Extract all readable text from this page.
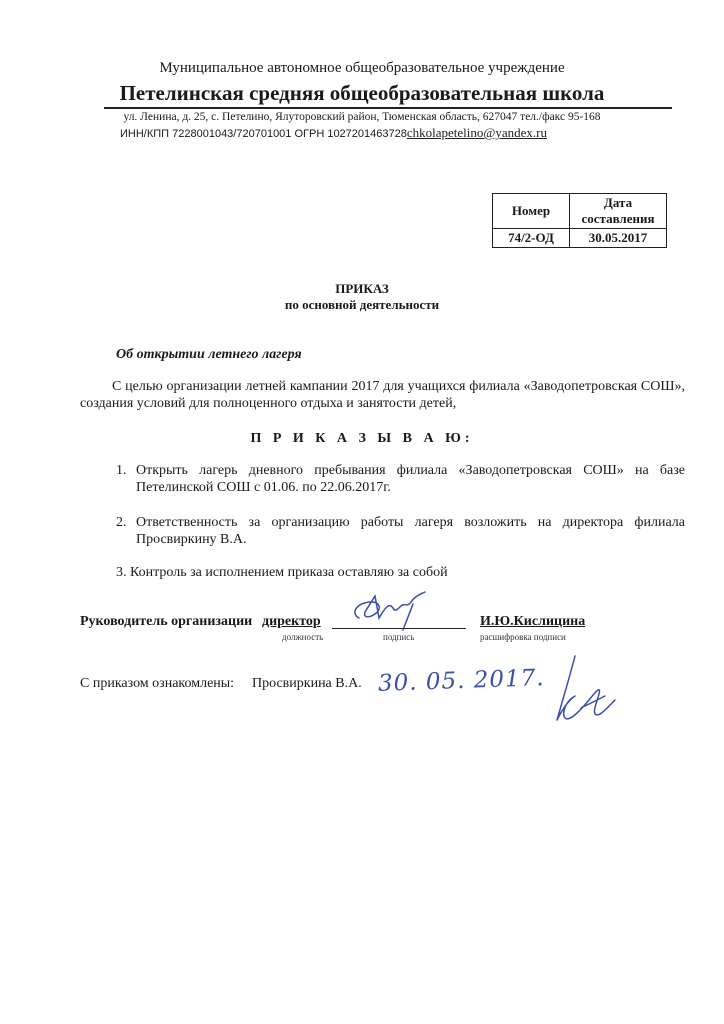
Муниципальное автономное общеобразовательное учреждение
Петелинская средняя общеобразовательная школа
ул. Ленина, д. 25, с. Петелино, Ялуторовский район, Тюменская область, 627047 тел./факс 95-168
ИНН/КПП 7228001043/720701001 ОГРН 1027201463728chkolapetelino@yandex.ru
Номер	Дата
составления
74/2-ОД	30.05.2017
ПРИКАЗ
по основной деятельности
Об открытии летнего лагеря
С целью организации летней кампании 2017 для учащихся филиала «Заводопетровская СОШ», создания условий для полноценного отдыха и занятости детей,
П Р И К А З Ы В А Ю:
1. Открыть лагерь дневного пребывания филиала «Заводопетровская СОШ» на базе Петелинской СОШ с 01.06. по 22.06.2017г.
2. Ответственность за организацию работы лагеря возложить на директора филиала Просвиркину В.А.
3. Контроль за исполнением приказа оставляю за собой
Руководитель организации директор	И.Ю.Кислицина
должность	подпись	расшифровка подписи
С приказом ознакомлены: Просвиркина В.А. 30. 05. 2017.
